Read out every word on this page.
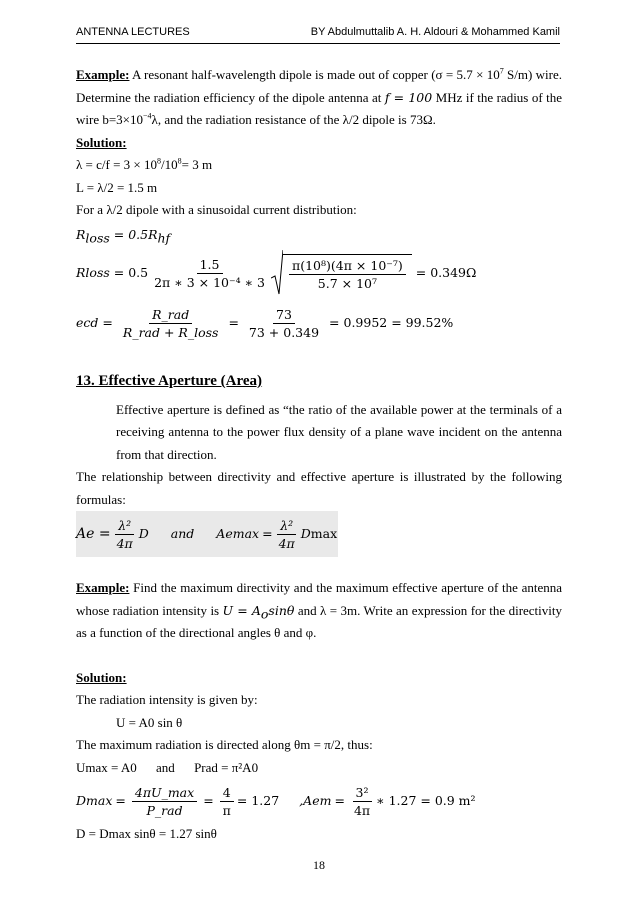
ANTENNA LECTURES	BY Abdulmuttalib A. H. Aldouri & Mohammed Kamil

Example: A resonant half-wavelength dipole is made out of copper ($\sigma = 5.7 \times 10^7$ S/m) wire. Determine the radiation efficiency of the dipole antenna at f = 100 MHz if the radius of the wire $b=3\times 10^{-4}\lambda$, and the radiation resistance of the λ/2 dipole is 73Ω.

Solution:

$\lambda = c/f = 3 \times 10^8/10^8= 3$ m

L = λ/2 = 1.5 m

For a λ/2 dipole with a sinusoidal current distribution:

$R_{loss} = 0.5R_{hf}$

R loss = $0.5 \frac{1.5}{\text{2π ∗ 3 × 10⁻⁴ ∗ 3}} \frac{\text{π(10⁸)(4π × 10⁻⁷)}}{\text{5.7 × 10⁷}} = 0.349\Omega$
e cd = $\frac{\text{R\_rad}}{\text{R\_rad + R\_loss}} = \frac{73}{73 + 0.349} = 0.9952 = 99.52\%$
13. Effective Aperture (Area)

Effective aperture is defined as “the ratio of the available power at the terminals of a receiving antenna to the power flux density of a plane wave incident on the antenna from that direction.

The relationship between directivity and effective aperture is illustrated by the following formulas:

$Ae = \frac{\text{λ²}}{4\pi}$ D and Ae $\max = \frac{\text{λ²}}{4\pi}$ D max

Example: Find the maximum directivity and the maximum effective aperture of the antenna whose radiation intensity is $U = A_o\sin\theta$ and λ = 3m. Write an expression for the directivity as a function of the directional angles θ and φ.

Solution:

The radiation intensity is given by:

U = A0 sin θ

The maximum radiation is directed along θm = π/2, thus:

Umax = A0 and Prad = π²A0

D $\max = \frac{4\pi U\_\max}{\text{P\_rad}} = \frac{4}{\pi} = 1.27$ ,A em = $\frac{\text{3²}}{4\pi}$ ∗ 1.27 = 0.9 m²

D = Dmax sinθ = 1.27 sinθ

18
